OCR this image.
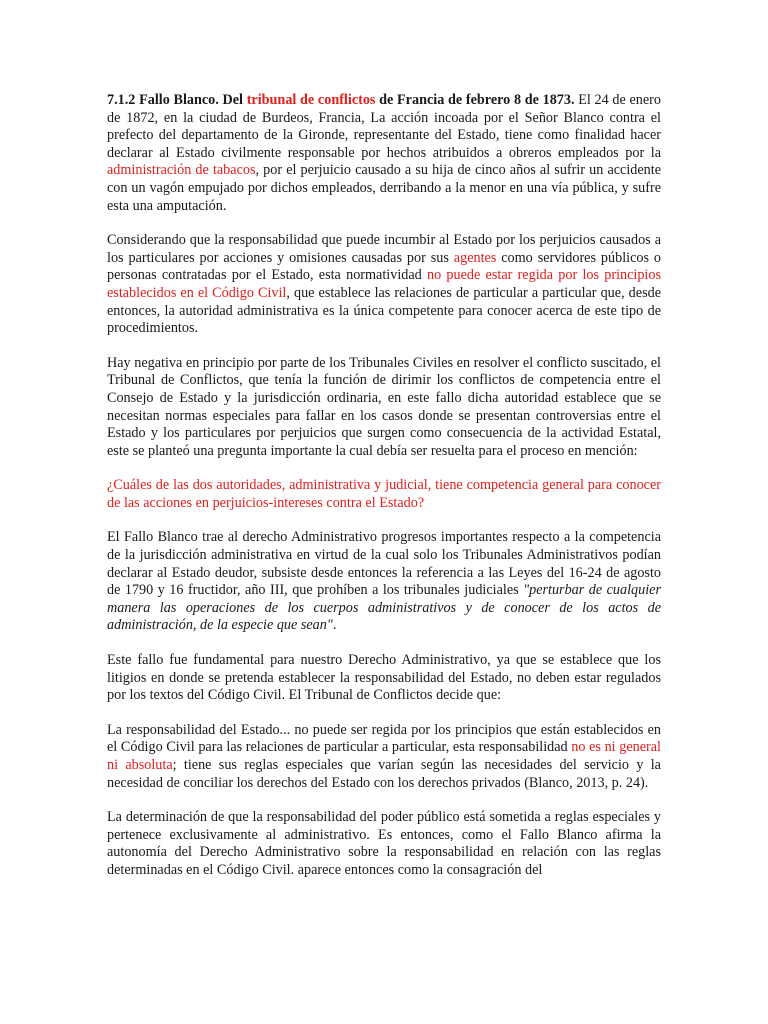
7.1.2 Fallo Blanco. Del tribunal de conflictos de Francia de febrero 8 de 1873. El 24 de enero de 1872, en la ciudad de Burdeos, Francia, La acción incoada por el Señor Blanco contra el prefecto del departamento de la Gironde, representante del Estado, tiene como finalidad hacer declarar al Estado civilmente responsable por hechos atribuidos a obreros empleados por la administración de tabacos, por el perjuicio causado a su hija de cinco años al sufrir un accidente con un vagón empujado por dichos empleados, derribando a la menor en una vía pública, y sufre esta una amputación.

Considerando que la responsabilidad que puede incumbir al Estado por los perjuicios causados a los particulares por acciones y omisiones causadas por sus agentes como servidores públicos o personas contratadas por el Estado, esta normatividad no puede estar regida por los principios establecidos en el Código Civil, que establece las relaciones de particular a particular que, desde entonces, la autoridad administrativa es la única competente para conocer acerca de este tipo de procedimientos.

Hay negativa en principio por parte de los Tribunales Civiles en resolver el conflicto suscitado, el Tribunal de Conflictos, que tenía la función de dirimir los conflictos de competencia entre el Consejo de Estado y la jurisdicción ordinaria, en este fallo dicha autoridad establece que se necesitan normas especiales para fallar en los casos donde se presentan controversias entre el Estado y los particulares por perjuicios que surgen como consecuencia de la actividad Estatal, este se planteó una pregunta importante la cual debía ser resuelta para el proceso en mención:

¿Cuáles de las dos autoridades, administrativa y judicial, tiene competencia general para conocer de las acciones en perjuicios-intereses contra el Estado?

El Fallo Blanco trae al derecho Administrativo progresos importantes respecto a la competencia de la jurisdicción administrativa en virtud de la cual solo los Tribunales Administrativos podían declarar al Estado deudor, subsiste desde entonces la referencia a las Leyes del 16-24 de agosto de 1790 y 16 fructidor, año III, que prohíben a los tribunales judiciales "perturbar de cualquier manera las operaciones de los cuerpos administrativos y de conocer de los actos de administración, de la especie que sean".

Este fallo fue fundamental para nuestro Derecho Administrativo, ya que se establece que los litigios en donde se pretenda establecer la responsabilidad del Estado, no deben estar regulados por los textos del Código Civil. El Tribunal de Conflictos decide que:

La responsabilidad del Estado... no puede ser regida por los principios que están establecidos en el Código Civil para las relaciones de particular a particular, esta responsabilidad no es ni general ni absoluta; tiene sus reglas especiales que varían según las necesidades del servicio y la necesidad de conciliar los derechos del Estado con los derechos privados (Blanco, 2013, p. 24).

La determinación de que la responsabilidad del poder público está sometida a reglas especiales y pertenece exclusivamente al administrativo. Es entonces, como el Fallo Blanco afirma la autonomía del Derecho Administrativo sobre la responsabilidad en relación con las reglas determinadas en el Código Civil. aparece entonces como la consagración del
